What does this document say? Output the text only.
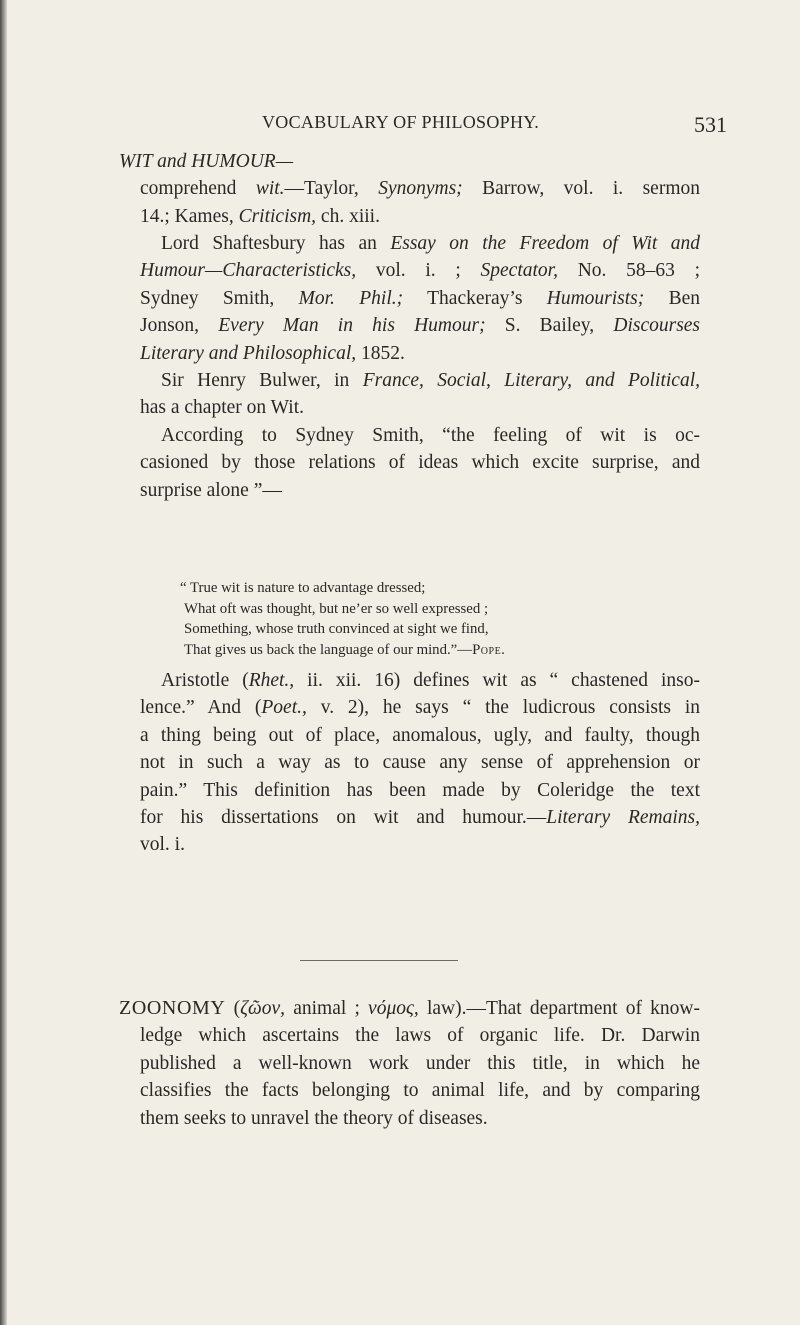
VOCABULARY OF PHILOSOPHY.	531
WIT and HUMOUR—
comprehend wit.—Taylor, Synonyms; Barrow, vol. i. sermon
14.; Kames, Criticism, ch. xiii.
Lord Shaftesbury has an Essay on the Freedom of Wit and
Humour—Characteristicks, vol. i. ; Spectator, No. 58–63 ;
Sydney Smith, Mor. Phil.; Thackeray’s Humourists; Ben
Jonson, Every Man in his Humour; S. Bailey, Discourses
Literary and Philosophical, 1852.
Sir Henry Bulwer, in France, Social, Literary, and Political,
has a chapter on Wit.
According to Sydney Smith, “the feeling of wit is oc-
casioned by those relations of ideas which excite surprise, and
surprise alone ”—
“ True wit is nature to advantage dressed;
What oft was thought, but ne’er so well expressed ;
Something, whose truth convinced at sight we find,
That gives us back the language of our mind.”—Pope.
Aristotle (Rhet., ii. xii. 16) defines wit as “ chastened inso-
lence.” And (Poet., v. 2), he says “ the ludicrous consists in
a thing being out of place, anomalous, ugly, and faulty, though
not in such a way as to cause any sense of apprehension or
pain.” This definition has been made by Coleridge the text
for his dissertations on wit and humour.—Literary Remains,
vol. i.
ZOONOMY (ζῶον, animal ; νόμος, law).—That department of know-
ledge which ascertains the laws of organic life. Dr. Darwin
published a well-known work under this title, in which he
classifies the facts belonging to animal life, and by comparing
them seeks to unravel the theory of diseases.
